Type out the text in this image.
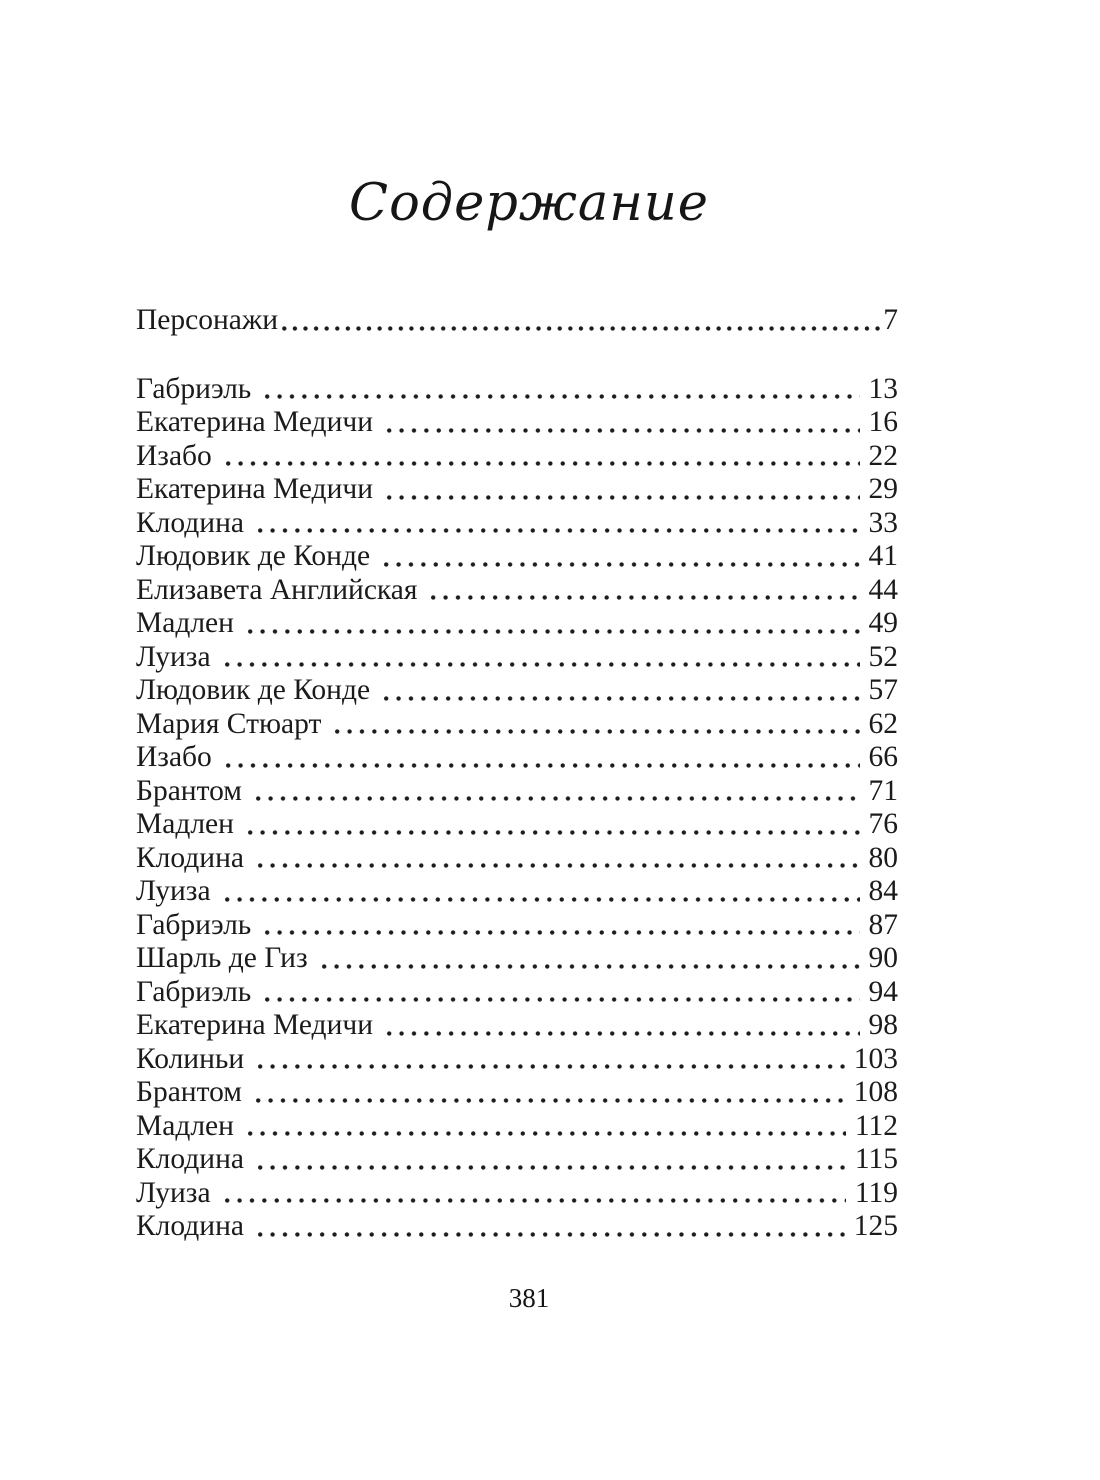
Содержание
Персонажи	7
Габриэль	13
Екатерина Медичи	16
Изабо	22
Екатерина Медичи	29
Клодина	33
Людовик де Конде	41
Елизавета Английская	44
Мадлен	49
Луиза	52
Людовик де Конде	57
Мария Стюарт	62
Изабо	66
Брантом	71
Мадлен	76
Клодина	80
Луиза	84
Габриэль	87
Шарль де Гиз	90
Габриэль	94
Екатерина Медичи	98
Колиньи	103
Брантом	108
Мадлен	112
Клодина	115
Луиза	119
Клодина	125
381
